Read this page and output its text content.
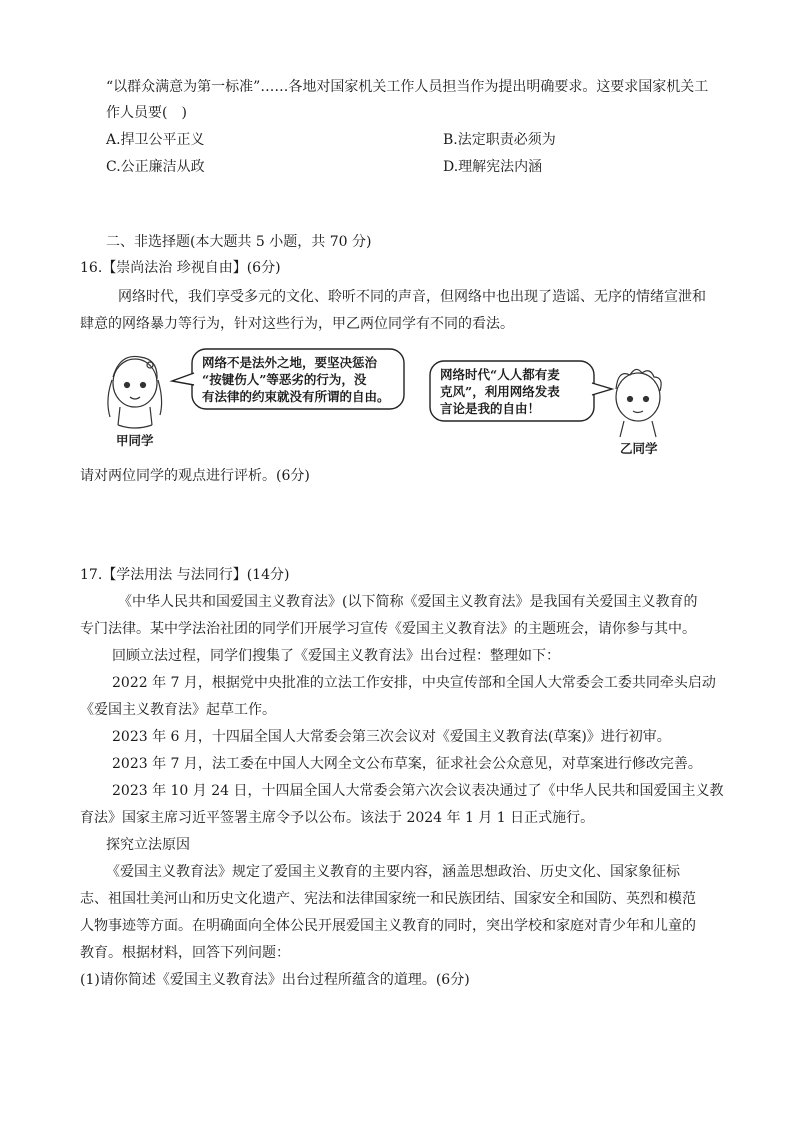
“以群众满意为第一标准”……各地对国家机关工作人员担当作为提出明确要求。这要求国家机关工
作人员要(　)
A.捍卫公平正义	B.法定职责必须为
C.公正廉洁从政	D.理解宪法内涵
二、非选择题(本大题共 5 小题，共 70 分)
16.【崇尚法治 珍视自由】(6分)
网络时代，我们享受多元的文化、聆听不同的声音，但网络中也出现了造谣、无序的情绪宣泄和
肆意的网络暴力等行为，针对这些行为，甲乙两位同学有不同的看法。
网络不是法外之地，要坚决惩治
“按键伤人”等恶劣的行为，没
有法律的约束就没有所谓的自由。
网络时代“人人都有麦
克风”，利用网络发表
言论是我的自由！
甲同学
乙同学
请对两位同学的观点进行评析。(6分)
17.【学法用法 与法同行】(14分)
《中华人民共和国爱国主义教育法》(以下简称《爱国主义教育法》是我国有关爱国主义教育的
专门法律。某中学法治社团的同学们开展学习宣传《爱国主义教育法》的主题班会，请你参与其中。
回顾立法过程，同学们搜集了《爱国主义教育法》出台过程：整理如下：
2022 年 7 月，根据党中央批准的立法工作安排，中央宣传部和全国人大常委会工委共同牵头启动
《爱国主义教育法》起草工作。
2023 年 6 月，十四届全国人大常委会第三次会议对《爱国主义教育法(草案)》进行初审。
2023 年 7 月，法工委在中国人大网全文公布草案，征求社会公众意见，对草案进行修改完善。
2023 年 10 月 24 日，十四届全国人大常委会第六次会议表决通过了《中华人民共和国爱国主义教
育法》国家主席习近平签署主席令予以公布。该法于 2024 年 1 月 1 日正式施行。
探究立法原因
《爱国主义教育法》规定了爱国主义教育的主要内容，涵盖思想政治、历史文化、国家象征标
志、祖国壮美河山和历史文化遗产、宪法和法律国家统一和民族团结、国家安全和国防、英烈和模范
人物事迹等方面。在明确面向全体公民开展爱国主义教育的同时，突出学校和家庭对青少年和儿童的
教育。根据材料，回答下列问题：
(1)请你简述《爱国主义教育法》出台过程所蕴含的道理。(6分)
